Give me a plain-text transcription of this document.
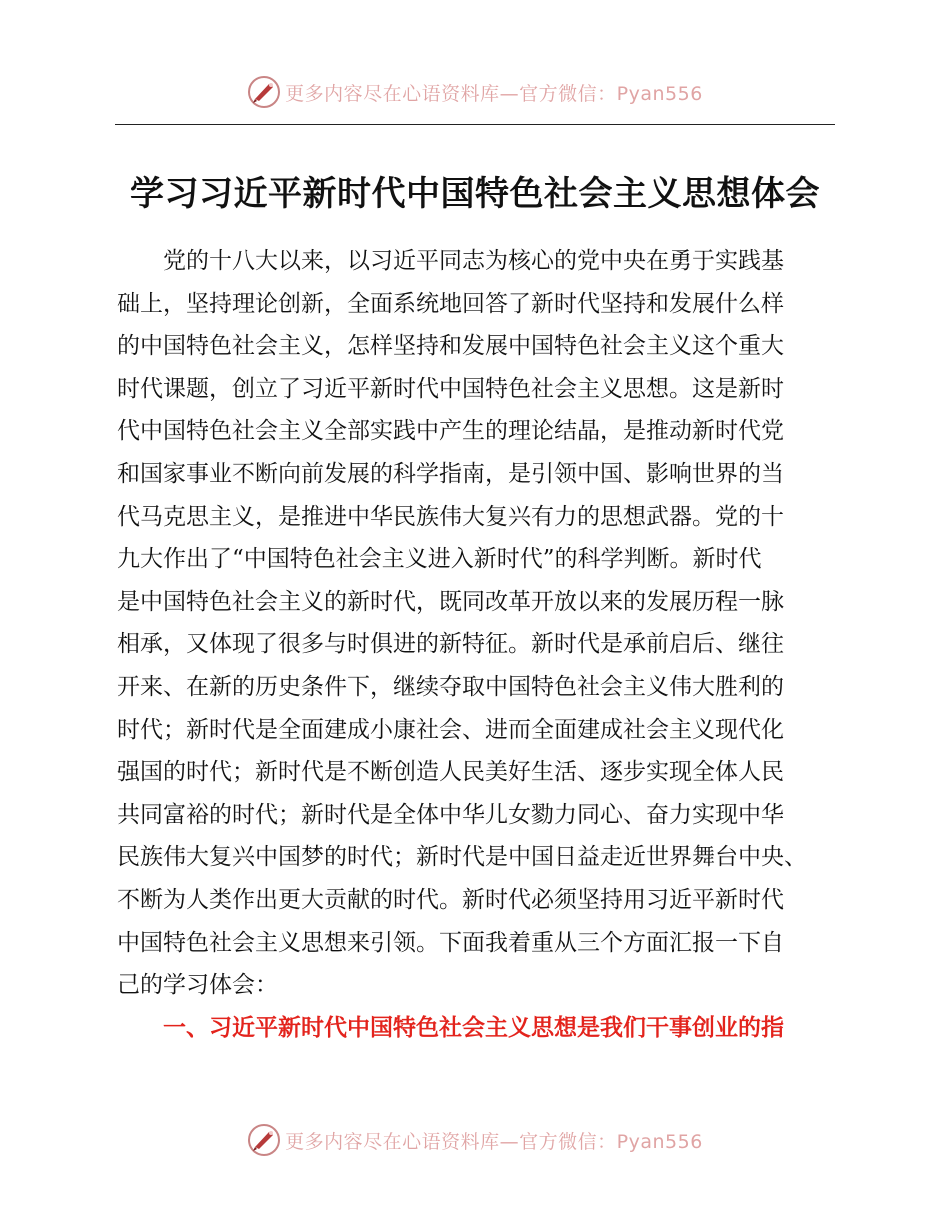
更多内容尽在心语资料库—官方微信：Pyan556
学习习近平新时代中国特色社会主义思想体会
　　党的十八大以来，以习近平同志为核心的党中央在勇于实践基
础上，坚持理论创新，全面系统地回答了新时代坚持和发展什么样
的中国特色社会主义，怎样坚持和发展中国特色社会主义这个重大
时代课题，创立了习近平新时代中国特色社会主义思想。这是新时
代中国特色社会主义全部实践中产生的理论结晶，是推动新时代党
和国家事业不断向前发展的科学指南，是引领中国、影响世界的当
代马克思主义，是推进中华民族伟大复兴有力的思想武器。党的十
九大作出了“中国特色社会主义进入新时代”的科学判断。新时代
是中国特色社会主义的新时代，既同改革开放以来的发展历程一脉
相承，又体现了很多与时俱进的新特征。新时代是承前启后、继往
开来、在新的历史条件下，继续夺取中国特色社会主义伟大胜利的
时代；新时代是全面建成小康社会、进而全面建成社会主义现代化
强国的时代；新时代是不断创造人民美好生活、逐步实现全体人民
共同富裕的时代；新时代是全体中华儿女勠力同心、奋力实现中华
民族伟大复兴中国梦的时代；新时代是中国日益走近世界舞台中央、
不断为人类作出更大贡献的时代。新时代必须坚持用习近平新时代
中国特色社会主义思想来引领。下面我着重从三个方面汇报一下自
己的学习体会：
　　一、习近平新时代中国特色社会主义思想是我们干事创业的指
更多内容尽在心语资料库—官方微信：Pyan556
